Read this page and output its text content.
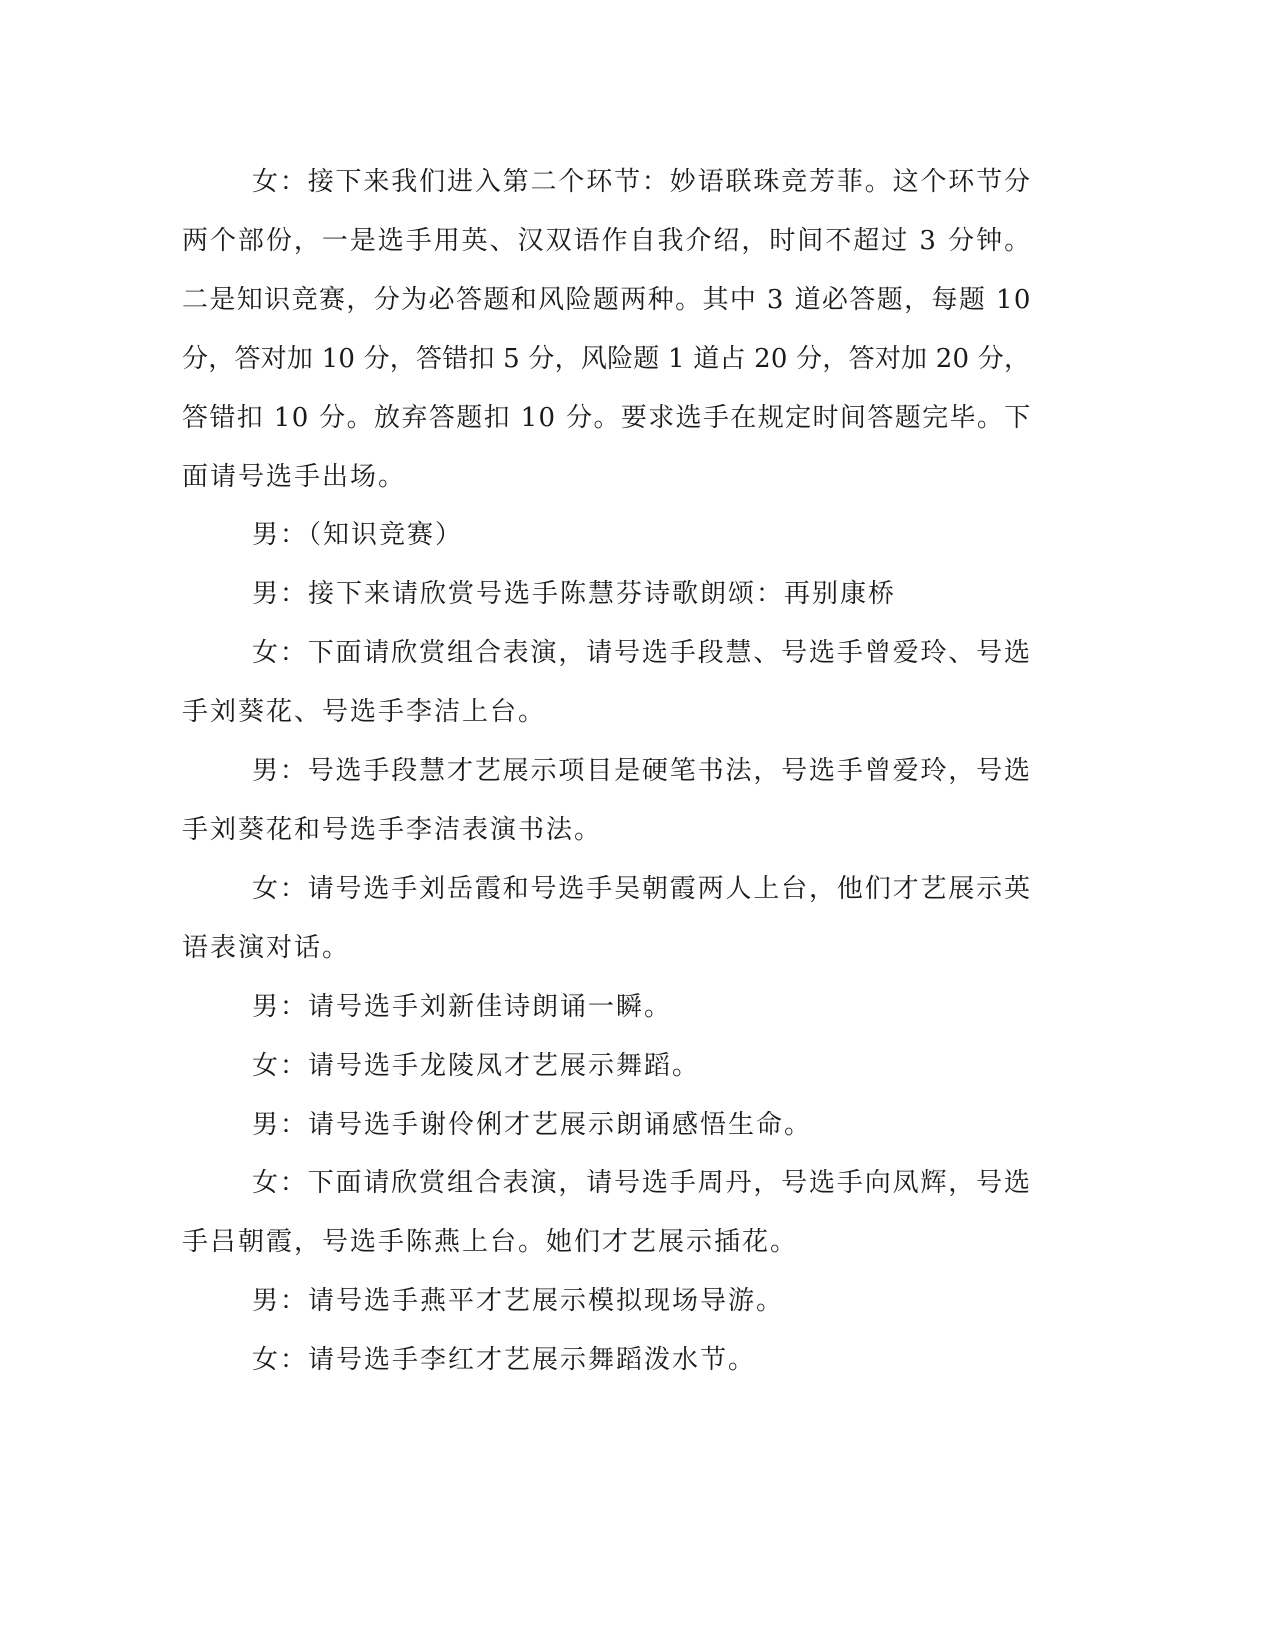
女：接下来我们进入第二个环节：妙语联珠竞芳菲。这个环节分
两个部份，一是选手用英、汉双语作自我介绍，时间不超过 3 分钟。
二是知识竞赛，分为必答题和风险题两种。其中 3 道必答题，每题 10
分，答对加 10 分，答错扣 5 分，风险题 1 道占 20 分，答对加 20 分，
答错扣 10 分。放弃答题扣 10 分。要求选手在规定时间答题完毕。下
面请号选手出场。
男：（知识竞赛）
男：接下来请欣赏号选手陈慧芬诗歌朗颂：再别康桥
女：下面请欣赏组合表演，请号选手段慧、号选手曾爱玲、号选
手刘葵花、号选手李洁上台。
男：号选手段慧才艺展示项目是硬笔书法，号选手曾爱玲，号选
手刘葵花和号选手李洁表演书法。
女：请号选手刘岳霞和号选手吴朝霞两人上台，他们才艺展示英
语表演对话。
男：请号选手刘新佳诗朗诵一瞬。
女：请号选手龙陵凤才艺展示舞蹈。
男：请号选手谢伶俐才艺展示朗诵感悟生命。
女：下面请欣赏组合表演，请号选手周丹，号选手向凤辉，号选
手吕朝霞，号选手陈燕上台。她们才艺展示插花。
男：请号选手燕平才艺展示模拟现场导游。
女：请号选手李红才艺展示舞蹈泼水节。
